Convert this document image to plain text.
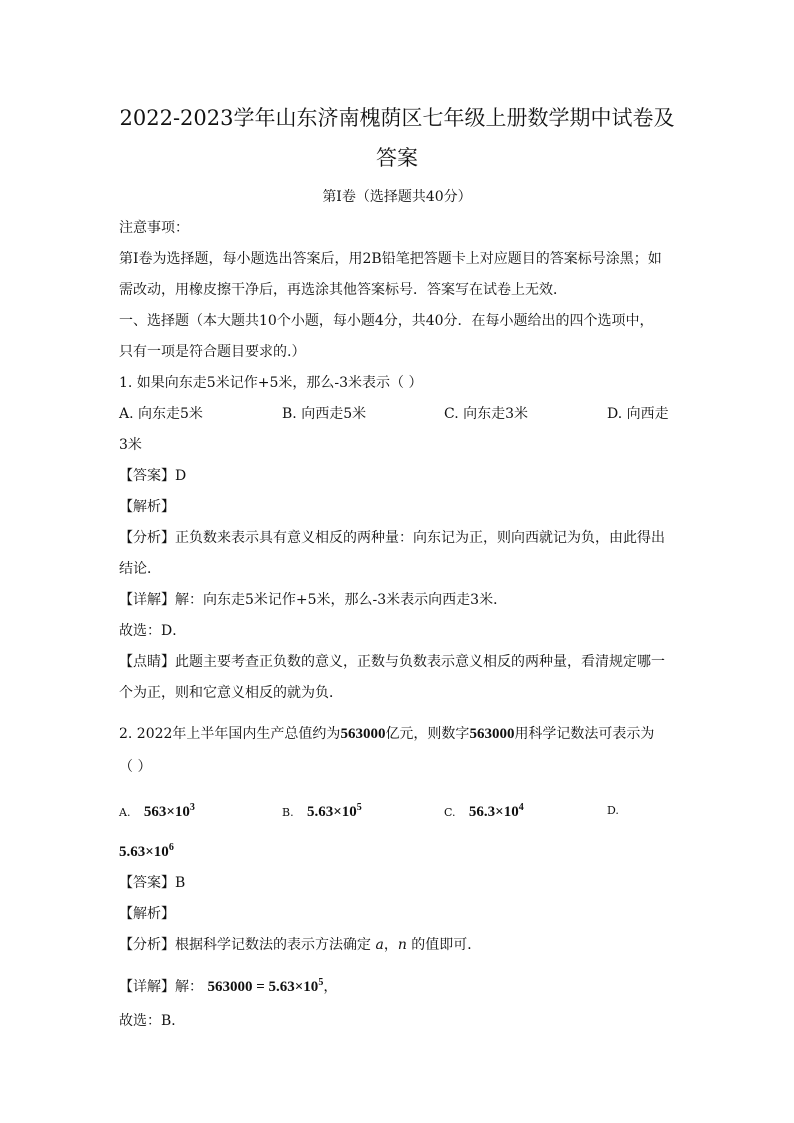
2022-2023学年山东济南槐荫区七年级上册数学期中试卷及
答案
第I卷（选择题共40分）
注意事项：
第I卷为选择题，每小题选出答案后，用2B铅笔把答题卡上对应题目的答案标号涂黑；如
需改动，用橡皮擦干净后，再选涂其他答案标号．答案写在试卷上无效．
一、选择题（本大题共10个小题，每小题4分，共40分．在每小题给出的四个选项中，
只有一项是符合题目要求的.）
1. 如果向东走5米记作+5米，那么-3米表示（ ）
A. 向东走5米	B. 向西走5米	C. 向东走3米	D. 向西走
3米
【答案】D
【解析】
【分析】正负数来表示具有意义相反的两种量：向东记为正，则向西就记为负，由此得出
结论．
【详解】解：向东走5米记作+5米，那么-3米表示向西走3米．
故选：D．
【点睛】此题主要考查正负数的意义，正数与负数表示意义相反的两种量，看清规定哪一
个为正，则和它意义相反的就为负．
2. 2022年上半年国内生产总值约为563000亿元，则数字563000用科学记数法可表示为
（ ）
A. $563\times 10^3$	B. $5.63\times 10^5$	C. $56.3\times 10^4$	D.
$5.63\times 10^6$
【答案】B
【解析】
【分析】根据科学记数法的表示方法确定 a，n 的值即可．
【详解】解： $563000 = 5.63\times 10^5$，
故选：B．
